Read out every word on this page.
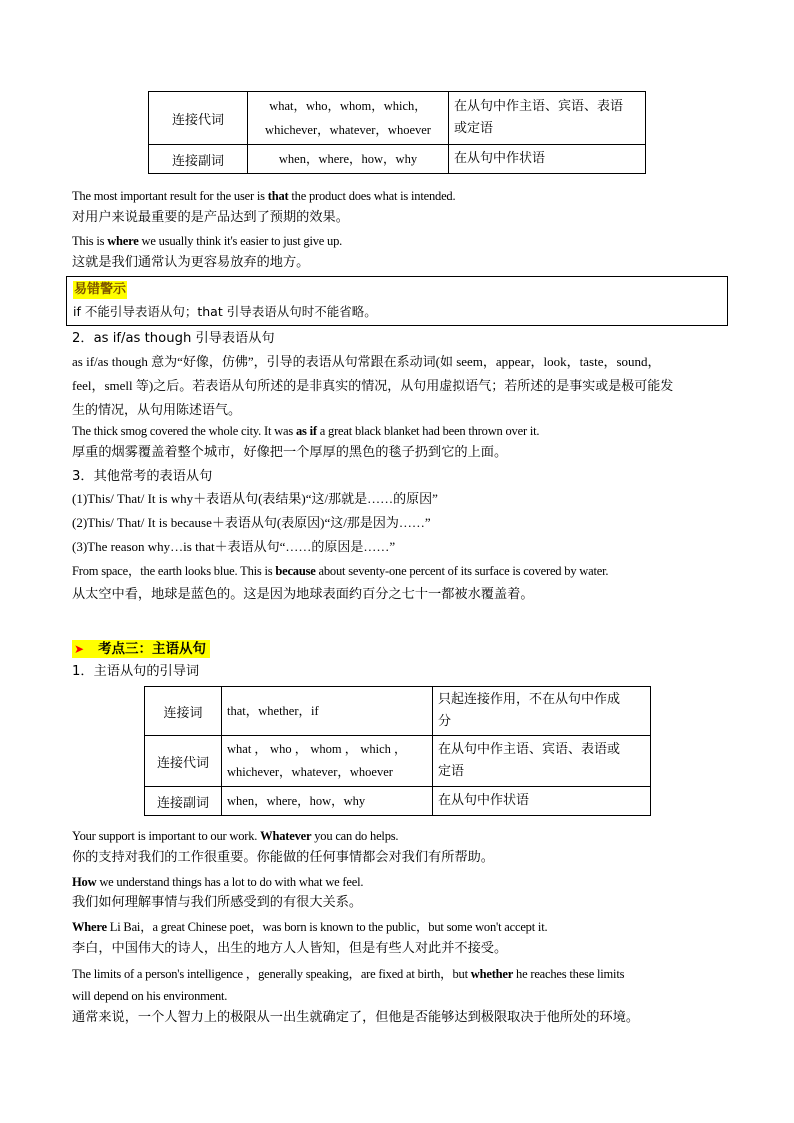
连接代词	what，who，whom，which，
whichever，whatever，whoever	在从句中作主语、宾语、表语
或定语
连接副词	when，where，how，why	在从句中作状语
The most important result for the user is that the product does what is intended.
对用户来说最重要的是产品达到了预期的效果。
This is where we usually think it's easier to just give up.
这就是我们通常认为更容易放弃的地方。
易错警示
if 不能引导表语从句；that 引导表语从句时不能省略。
2．as if/as though 引导表语从句
as if/as though 意为“好像，仿佛”，引导的表语从句常跟在系动词(如 seem，appear，look，taste，sound，
feel，smell 等)之后。若表语从句所述的是非真实的情况，从句用虚拟语气；若所述的是事实或是极可能发
生的情况，从句用陈述语气。
The thick smog covered the whole city. It was as if a great black blanket had been thrown over it.
厚重的烟雾覆盖着整个城市，好像把一个厚厚的黑色的毯子扔到它的上面。
3．其他常考的表语从句
(1)This/ That/ It is why＋表语从句(表结果)“这/那就是……的原因”
(2)This/ That/ It is because＋表语从句(表原因)“这/那是因为……”
(3)The reason why…is that＋表语从句“……的原因是……”
From space，the earth looks blue. This is because about seventy-one percent of its surface is covered by water.
从太空中看，地球是蓝色的。这是因为地球表面约百分之七十一都被水覆盖着。
➤ 考点三：主语从句
1．主语从句的引导词
连接词	that，whether，if	只起连接作用，不在从句中作成
分
连接代词	what ， who ， whom ， which ，
whichever，whatever，whoever	在从句中作主语、宾语、表语或
定语
连接副词	when，where，how，why	在从句中作状语
Your support is important to our work. Whatever you can do helps.
你的支持对我们的工作很重要。你能做的任何事情都会对我们有所帮助。
How we understand things has a lot to do with what we feel.
我们如何理解事情与我们所感受到的有很大关系。
Where Li Bai，a great Chinese poet，was born is known to the public，but some won't accept it.
李白，中国伟大的诗人，出生的地方人人皆知，但是有些人对此并不接受。
The limits of a person's intelligence ，generally speaking，are fixed at birth，but whether he reaches these limits
will depend on his environment.
通常来说，一个人智力上的极限从一出生就确定了，但他是否能够达到极限取决于他所处的环境。
